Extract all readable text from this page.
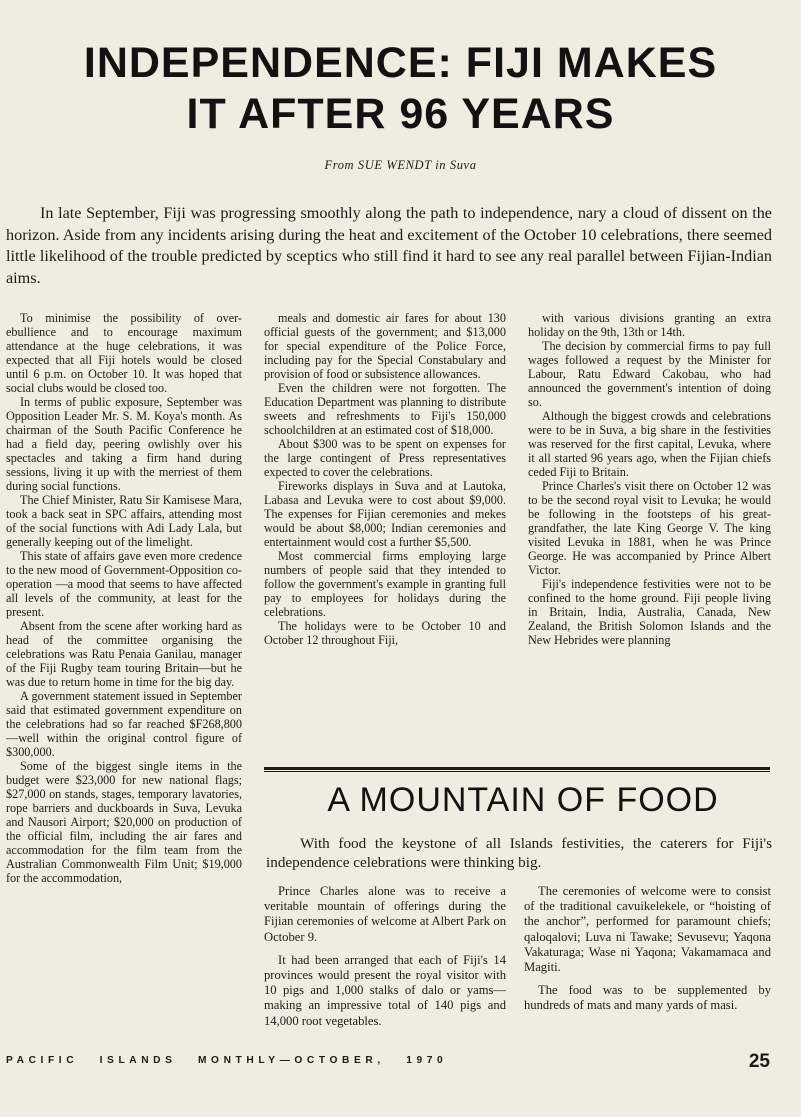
INDEPENDENCE: FIJI MAKES
IT AFTER 96 YEARS
From SUE WENDT in Suva

In late September, Fiji was progressing smoothly along the path to independence, nary a cloud of dissent on the horizon. Aside from any incidents arising during the heat and excitement of the October 10 celebrations, there seemed little likelihood of the trouble predicted by sceptics who still find it hard to see any real parallel between Fijian-Indian aims.

To minimise the possibility of over-ebullience and to encourage maximum attendance at the huge celebrations, it was expected that all Fiji hotels would be closed until 6 p.m. on October 10. It was hoped that social clubs would be closed too.

In terms of public exposure, September was Opposition Leader Mr. S. M. Koya's month. As chairman of the South Pacific Conference he had a field day, peering owlishly over his spectacles and taking a firm hand during sessions, living it up with the merriest of them during social functions.

The Chief Minister, Ratu Sir Kamisese Mara, took a back seat in SPC affairs, attending most of the social functions with Adi Lady Lala, but generally keeping out of the limelight.

This state of affairs gave even more credence to the new mood of Government-Opposition co-operation —a mood that seems to have affected all levels of the community, at least for the present.

Absent from the scene after working hard as head of the committee organising the celebrations was Ratu Penaia Ganilau, manager of the Fiji Rugby team touring Britain—but he was due to return home in time for the big day.

A government statement issued in September said that estimated government expenditure on the celebrations had so far reached $F268,800 —well within the original control figure of $300,000.

Some of the biggest single items in the budget were $23,000 for new national flags; $27,000 on stands, stages, temporary lavatories, rope barriers and duckboards in Suva, Levuka and Nausori Airport; $20,000 on production of the official film, including the air fares and accommodation for the film team from the Australian Commonwealth Film Unit; $19,000 for the accommodation,

meals and domestic air fares for about 130 official guests of the government; and $13,000 for special expenditure of the Police Force, including pay for the Special Constabulary and provision of food or subsistence allowances.

Even the children were not forgotten. The Education Department was planning to distribute sweets and refreshments to Fiji's 150,000 schoolchildren at an estimated cost of $18,000.

About $300 was to be spent on expenses for the large contingent of Press representatives expected to cover the celebrations.

Fireworks displays in Suva and at Lautoka, Labasa and Levuka were to cost about $9,000. The expenses for Fijian ceremonies and mekes would be about $8,000; Indian ceremonies and entertainment would cost a further $5,500.

Most commercial firms employing large numbers of people said that they intended to follow the government's example in granting full pay to employees for holidays during the celebrations.

The holidays were to be October 10 and October 12 throughout Fiji,

with various divisions granting an extra holiday on the 9th, 13th or 14th.

The decision by commercial firms to pay full wages followed a request by the Minister for Labour, Ratu Edward Cakobau, who had announced the government's intention of doing so.

Although the biggest crowds and celebrations were to be in Suva, a big share in the festivities was reserved for the first capital, Levuka, where it all started 96 years ago, when the Fijian chiefs ceded Fiji to Britain.

Prince Charles's visit there on October 12 was to be the second royal visit to Levuka; he would be following in the footsteps of his great-grandfather, the late King George V. The king visited Levuka in 1881, when he was Prince George. He was accompanied by Prince Albert Victor.

Fiji's independence festivities were not to be confined to the home ground. Fiji people living in Britain, India, Australia, Canada, New Zealand, the British Solomon Islands and the New Hebrides were planning

A MOUNTAIN OF FOOD

With food the keystone of all Islands festivities, the caterers for Fiji's independence celebrations were thinking big.

Prince Charles alone was to receive a veritable mountain of offerings during the Fijian ceremonies of welcome at Albert Park on October 9.

It had been arranged that each of Fiji's 14 provinces would present the royal visitor with 10 pigs and 1,000 stalks of dalo or yams—making an impressive total of 140 pigs and 14,000 root vegetables.

The ceremonies of welcome were to consist of the traditional cavuikelekele, or “hoisting of the anchor”, performed for paramount chiefs; qaloqalovi; Luva ni Tawake; Sevusevu; Yaqona Vakaturaga; Wase ni Yaqona; Vakamamaca and Magiti.

The food was to be supplemented by hundreds of mats and many yards of masi.

PACIFIC ISLANDS MONTHLY—OCTOBER, 1970	25
